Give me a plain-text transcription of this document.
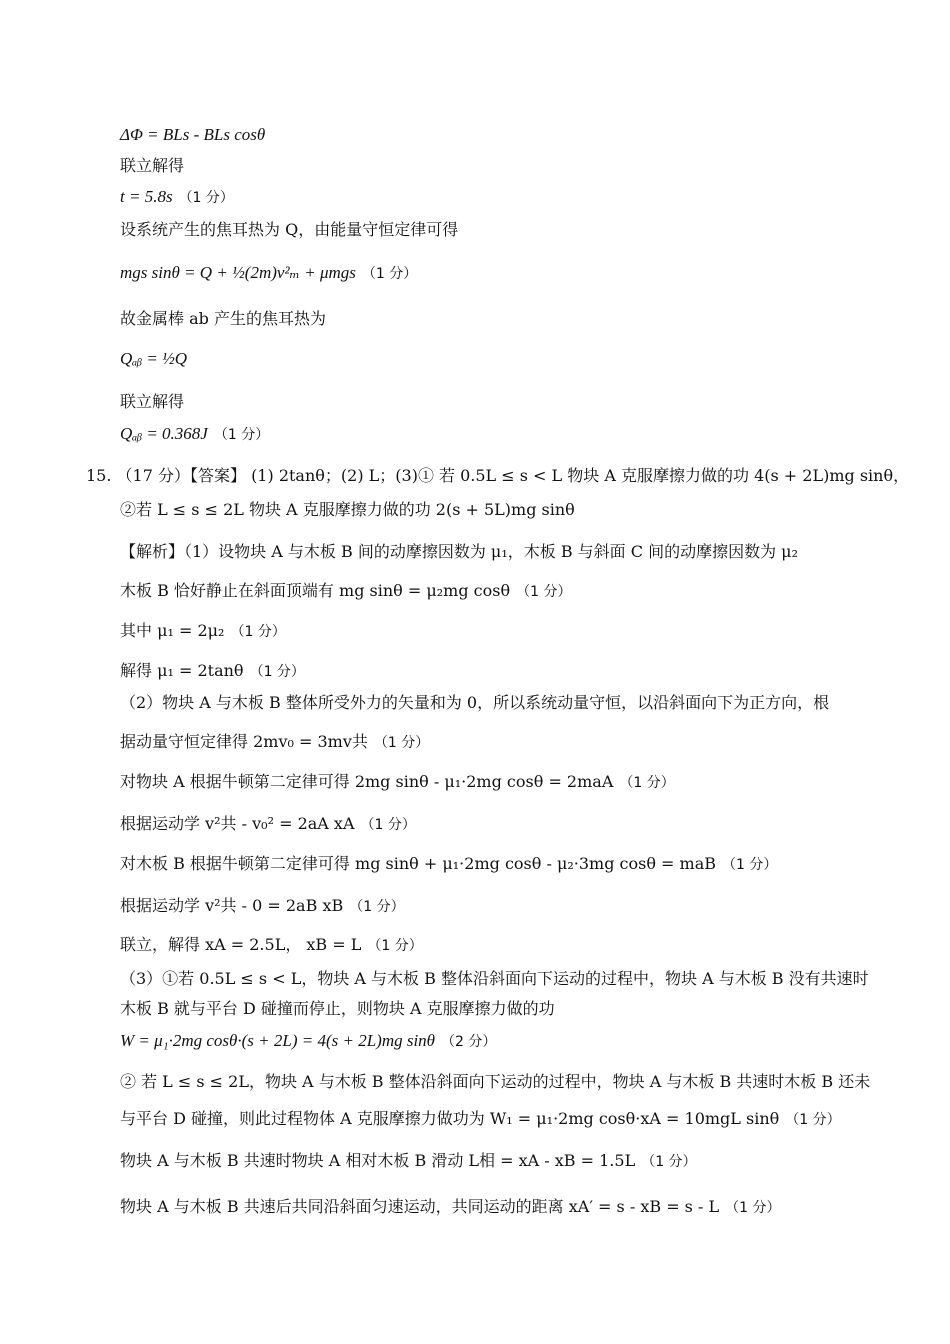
ΔΦ = BLs - BLs cosθ
联立解得
t = 5.8s （1 分）
设系统产生的焦耳热为 Q，由能量守恒定律可得
mgs sinθ = Q + ½(2m)v²ₘ + μmgs （1 分）
故金属棒 ab 产生的焦耳热为
Qₐᵦ = ½Q
联立解得
Qₐᵦ = 0.368J （1 分）
15. （17 分）【答案】 (1) 2tanθ；(2) L；(3)① 若 0.5L ≤ s < L 物块 A 克服摩擦力做的功 4(s + 2L)mg sinθ，
②若 L ≤ s ≤ 2L 物块 A 克服摩擦力做的功 2(s + 5L)mg sinθ
【解析】（1）设物块 A 与木板 B 间的动摩擦因数为 μ₁，木板 B 与斜面 C 间的动摩擦因数为 μ₂
木板 B 恰好静止在斜面顶端有 mg sinθ = μ₂mg cosθ （1 分）
其中 μ₁ = 2μ₂ （1 分）
解得 μ₁ = 2tanθ （1 分）
（2）物块 A 与木板 B 整体所受外力的矢量和为 0，所以系统动量守恒，以沿斜面向下为正方向，根
据动量守恒定律得 2mv₀ = 3mv共 （1 分）
对物块 A 根据牛顿第二定律可得 2mg sinθ - μ₁·2mg cosθ = 2maA （1 分）
根据运动学 v²共 - v₀² = 2aA xA （1 分）
对木板 B 根据牛顿第二定律可得 mg sinθ + μ₁·2mg cosθ - μ₂·3mg cosθ = maB （1 分）
根据运动学 v²共 - 0 = 2aB xB （1 分）
联立，解得 xA = 2.5L， xB = L （1 分）
（3）①若 0.5L ≤ s < L，物块 A 与木板 B 整体沿斜面向下运动的过程中，物块 A 与木板 B 没有共速时
木板 B 就与平台 D 碰撞而停止，则物块 A 克服摩擦力做的功
W = μ₁·2mg cosθ·(s + 2L) = 4(s + 2L)mg sinθ （2 分）
② 若 L ≤ s ≤ 2L，物块 A 与木板 B 整体沿斜面向下运动的过程中，物块 A 与木板 B 共速时木板 B 还未
与平台 D 碰撞，则此过程物体 A 克服摩擦力做功为 W₁ = μ₁·2mg cosθ·xA = 10mgL sinθ （1 分）
物块 A 与木板 B 共速时物块 A 相对木板 B 滑动 L相 = xA - xB = 1.5L （1 分）
物块 A 与木板 B 共速后共同沿斜面匀速运动，共同运动的距离 xA′ = s - xB = s - L （1 分）
